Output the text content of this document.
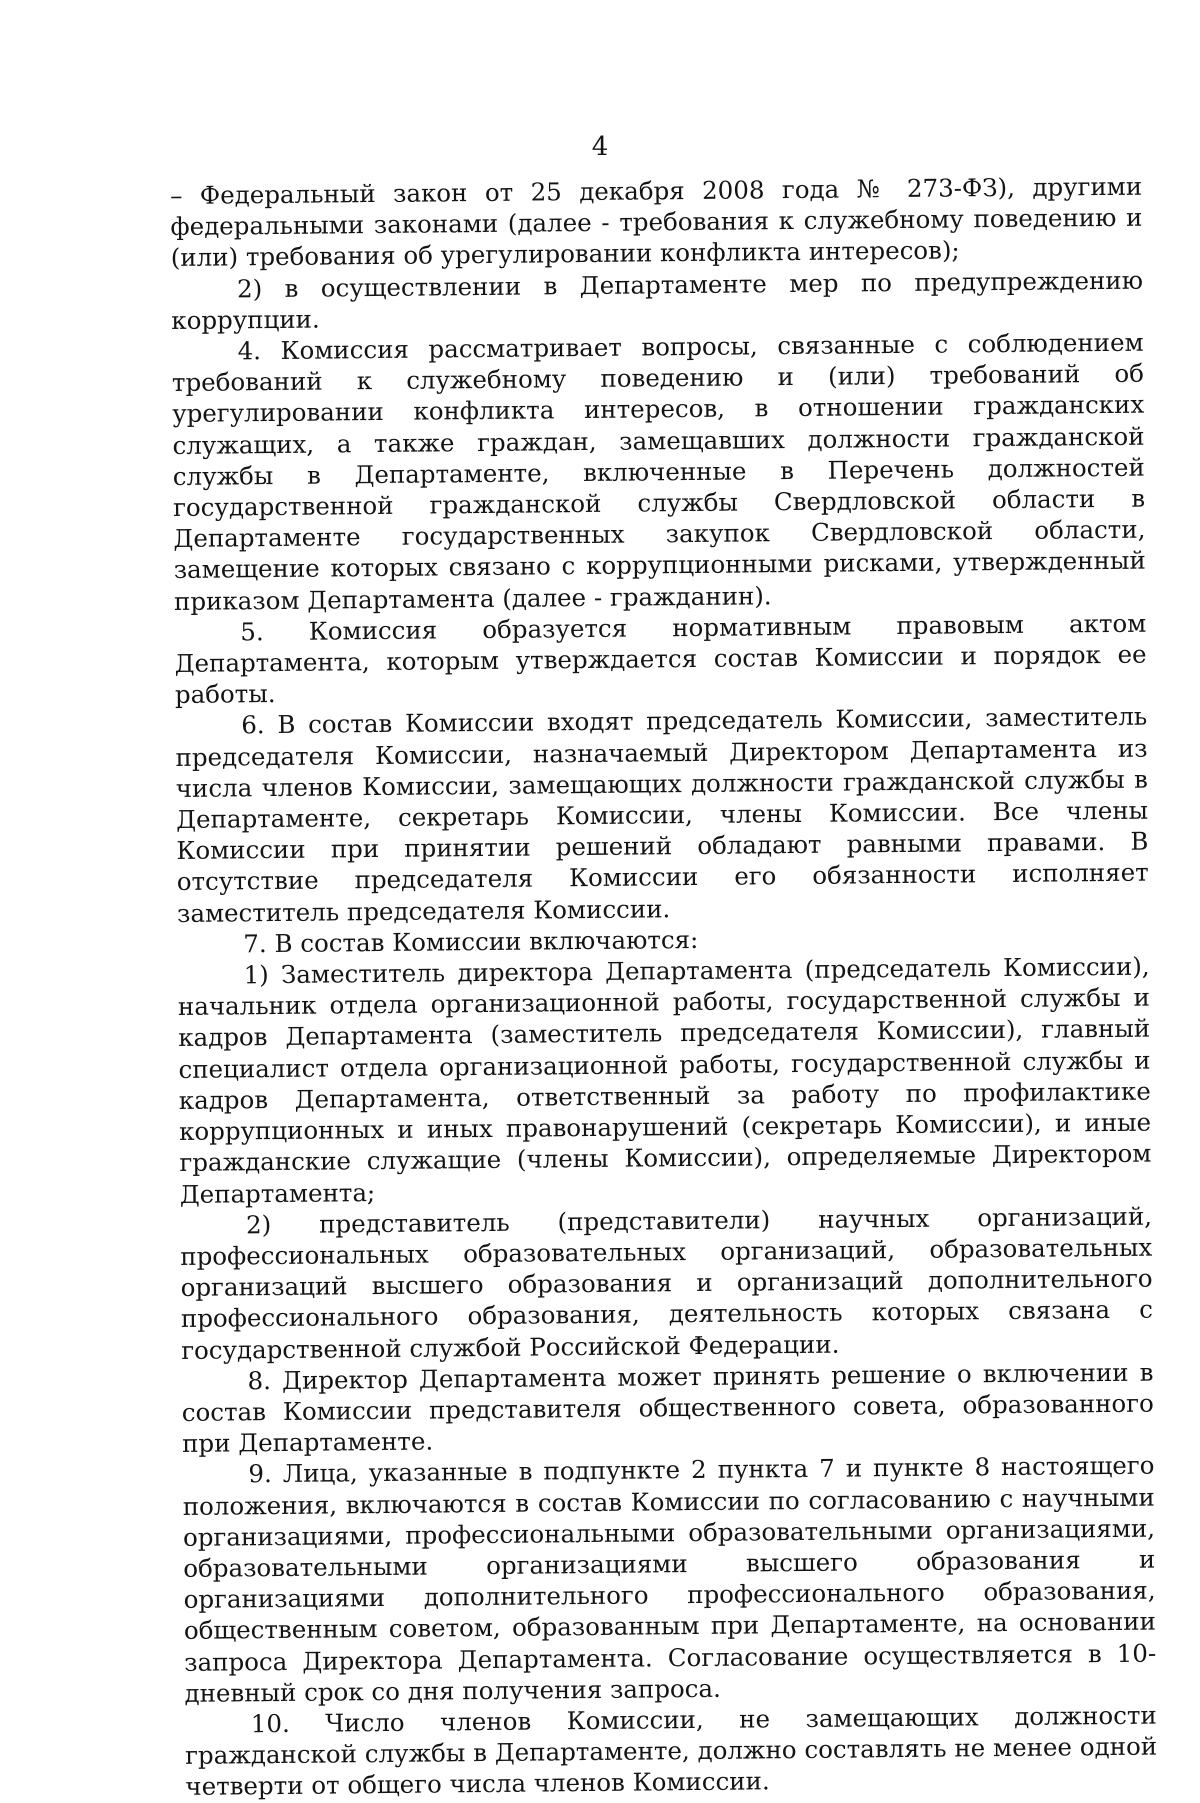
4

– Федеральный закон от 25 декабря 2008 года № 273-ФЗ), другими федеральными законами (далее - требования к служебному поведению и (или) требования об урегулировании конфликта интересов);

2) в осуществлении в Департаменте мер по предупреждению коррупции.

4. Комиссия рассматривает вопросы, связанные с соблюдением требований к служебному поведению и (или) требований об урегулировании конфликта интересов, в отношении гражданских служащих, а также граждан, замещавших должности гражданской службы в Департаменте, включенные в Перечень должностей государственной гражданской службы Свердловской области в Департаменте государственных закупок Свердловской области, замещение которых связано с коррупционными рисками, утвержденный приказом Департамента (далее - гражданин).

5. Комиссия образуется нормативным правовым актом Департамента, которым утверждается состав Комиссии и порядок ее работы.

6. В состав Комиссии входят председатель Комиссии, заместитель председателя Комиссии, назначаемый Директором Департамента из числа членов Комиссии, замещающих должности гражданской службы в Департаменте, секретарь Комиссии, члены Комиссии. Все члены Комиссии при принятии решений обладают равными правами. В отсутствие председателя Комиссии его обязанности исполняет заместитель председателя Комиссии.

7. В состав Комиссии включаются:

1) Заместитель директора Департамента (председатель Комиссии), начальник отдела организационной работы, государственной службы и кадров Департамента (заместитель председателя Комиссии), главный специалист отдела организационной работы, государственной службы и кадров Департамента, ответственный за работу по профилактике коррупционных и иных правонарушений (секретарь Комиссии), и иные гражданские служащие (члены Комиссии), определяемые Директором Департамента;

2) представитель (представители) научных организаций, профессиональных образовательных организаций, образовательных организаций высшего образования и организаций дополнительного профессионального образования, деятельность которых связана с государственной службой Российской Федерации.

8. Директор Департамента может принять решение о включении в состав Комиссии представителя общественного совета, образованного при Департаменте.

9. Лица, указанные в подпункте 2 пункта 7 и пункте 8 настоящего положения, включаются в состав Комиссии по согласованию с научными организациями, профессиональными образовательными организациями, образовательными организациями высшего образования и организациями дополнительного профессионального образования, общественным советом, образованным при Департаменте, на основании запроса Директора Департамента. Согласование осуществляется в 10-дневный срок со дня получения запроса.

10. Число членов Комиссии, не замещающих должности гражданской службы в Департаменте, должно составлять не менее одной четверти от общего числа членов Комиссии.
